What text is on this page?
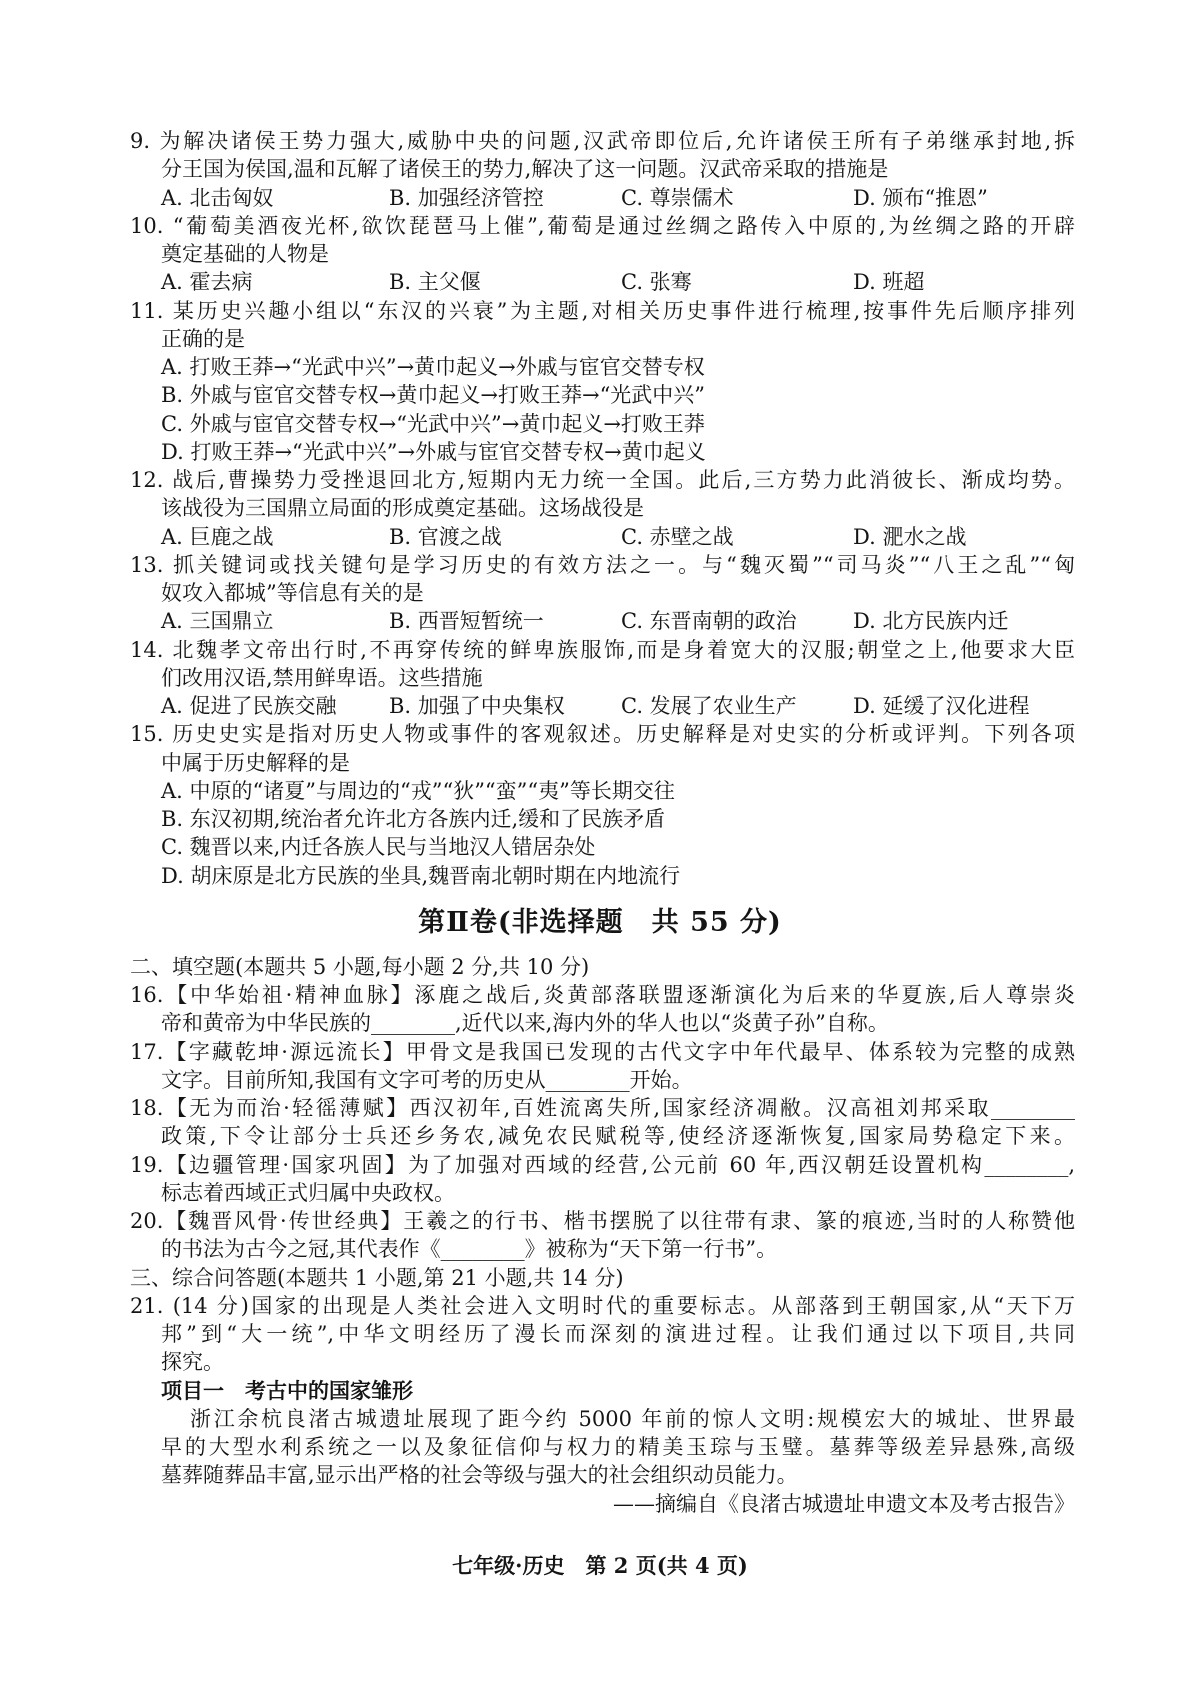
9. 为解决诸侯王势力强大,威胁中央的问题,汉武帝即位后,允许诸侯王所有子弟继承封地,拆
分王国为侯国,温和瓦解了诸侯王的势力,解决了这一问题。汉武帝采取的措施是
A. 北击匈奴	B. 加强经济管控	C. 尊崇儒术	D. 颁布“推恩”
10. “葡萄美酒夜光杯,欲饮琵琶马上催”,葡萄是通过丝绸之路传入中原的,为丝绸之路的开辟
奠定基础的人物是
A. 霍去病	B. 主父偃	C. 张骞	D. 班超
11. 某历史兴趣小组以“东汉的兴衰”为主题,对相关历史事件进行梳理,按事件先后顺序排列
正确的是
A. 打败王莽→“光武中兴”→黄巾起义→外戚与宦官交替专权
B. 外戚与宦官交替专权→黄巾起义→打败王莽→“光武中兴”
C. 外戚与宦官交替专权→“光武中兴”→黄巾起义→打败王莽
D. 打败王莽→“光武中兴”→外戚与宦官交替专权→黄巾起义
12. 战后,曹操势力受挫退回北方,短期内无力统一全国。此后,三方势力此消彼长、渐成均势。
该战役为三国鼎立局面的形成奠定基础。这场战役是
A. 巨鹿之战	B. 官渡之战	C. 赤壁之战	D. 淝水之战
13. 抓关键词或找关键句是学习历史的有效方法之一。与“魏灭蜀”“司马炎”“八王之乱”“匈
奴攻入都城”等信息有关的是
A. 三国鼎立	B. 西晋短暂统一	C. 东晋南朝的政治	D. 北方民族内迁
14. 北魏孝文帝出行时,不再穿传统的鲜卑族服饰,而是身着宽大的汉服;朝堂之上,他要求大臣
们改用汉语,禁用鲜卑语。这些措施
A. 促进了民族交融	B. 加强了中央集权	C. 发展了农业生产	D. 延缓了汉化进程
15. 历史史实是指对历史人物或事件的客观叙述。历史解释是对史实的分析或评判。下列各项
中属于历史解释的是
A. 中原的“诸夏”与周边的“戎”“狄”“蛮”“夷”等长期交往
B. 东汉初期,统治者允许北方各族内迁,缓和了民族矛盾
C. 魏晋以来,内迁各族人民与当地汉人错居杂处
D. 胡床原是北方民族的坐具,魏晋南北朝时期在内地流行
第Ⅱ卷(非选择题　共 55 分)
二、填空题(本题共 5 小题,每小题 2 分,共 10 分)
16.【中华始祖·精神血脉】涿鹿之战后,炎黄部落联盟逐渐演化为后来的华夏族,后人尊崇炎
帝和黄帝为中华民族的________,近代以来,海内外的华人也以“炎黄子孙”自称。
17.【字藏乾坤·源远流长】甲骨文是我国已发现的古代文字中年代最早、体系较为完整的成熟
文字。目前所知,我国有文字可考的历史从________开始。
18.【无为而治·轻徭薄赋】西汉初年,百姓流离失所,国家经济凋敝。汉高祖刘邦采取________
政策,下令让部分士兵还乡务农,减免农民赋税等,使经济逐渐恢复,国家局势稳定下来。
19.【边疆管理·国家巩固】为了加强对西域的经营,公元前 60 年,西汉朝廷设置机构________,
标志着西域正式归属中央政权。
20.【魏晋风骨·传世经典】王羲之的行书、楷书摆脱了以往带有隶、篆的痕迹,当时的人称赞他
的书法为古今之冠,其代表作《________》被称为“天下第一行书”。
三、综合问答题(本题共 1 小题,第 21 小题,共 14 分)
21. (14 分)国家的出现是人类社会进入文明时代的重要标志。从部落到王朝国家,从“天下万
邦”到“大一统”,中华文明经历了漫长而深刻的演进过程。让我们通过以下项目,共同
探究。
项目一　考古中的国家雏形
浙江余杭良渚古城遗址展现了距今约 5000 年前的惊人文明:规模宏大的城址、世界最
早的大型水利系统之一以及象征信仰与权力的精美玉琮与玉璧。墓葬等级差异悬殊,高级
墓葬随葬品丰富,显示出严格的社会等级与强大的社会组织动员能力。
——摘编自《良渚古城遗址申遗文本及考古报告》
七年级·历史　第 2 页(共 4 页)
